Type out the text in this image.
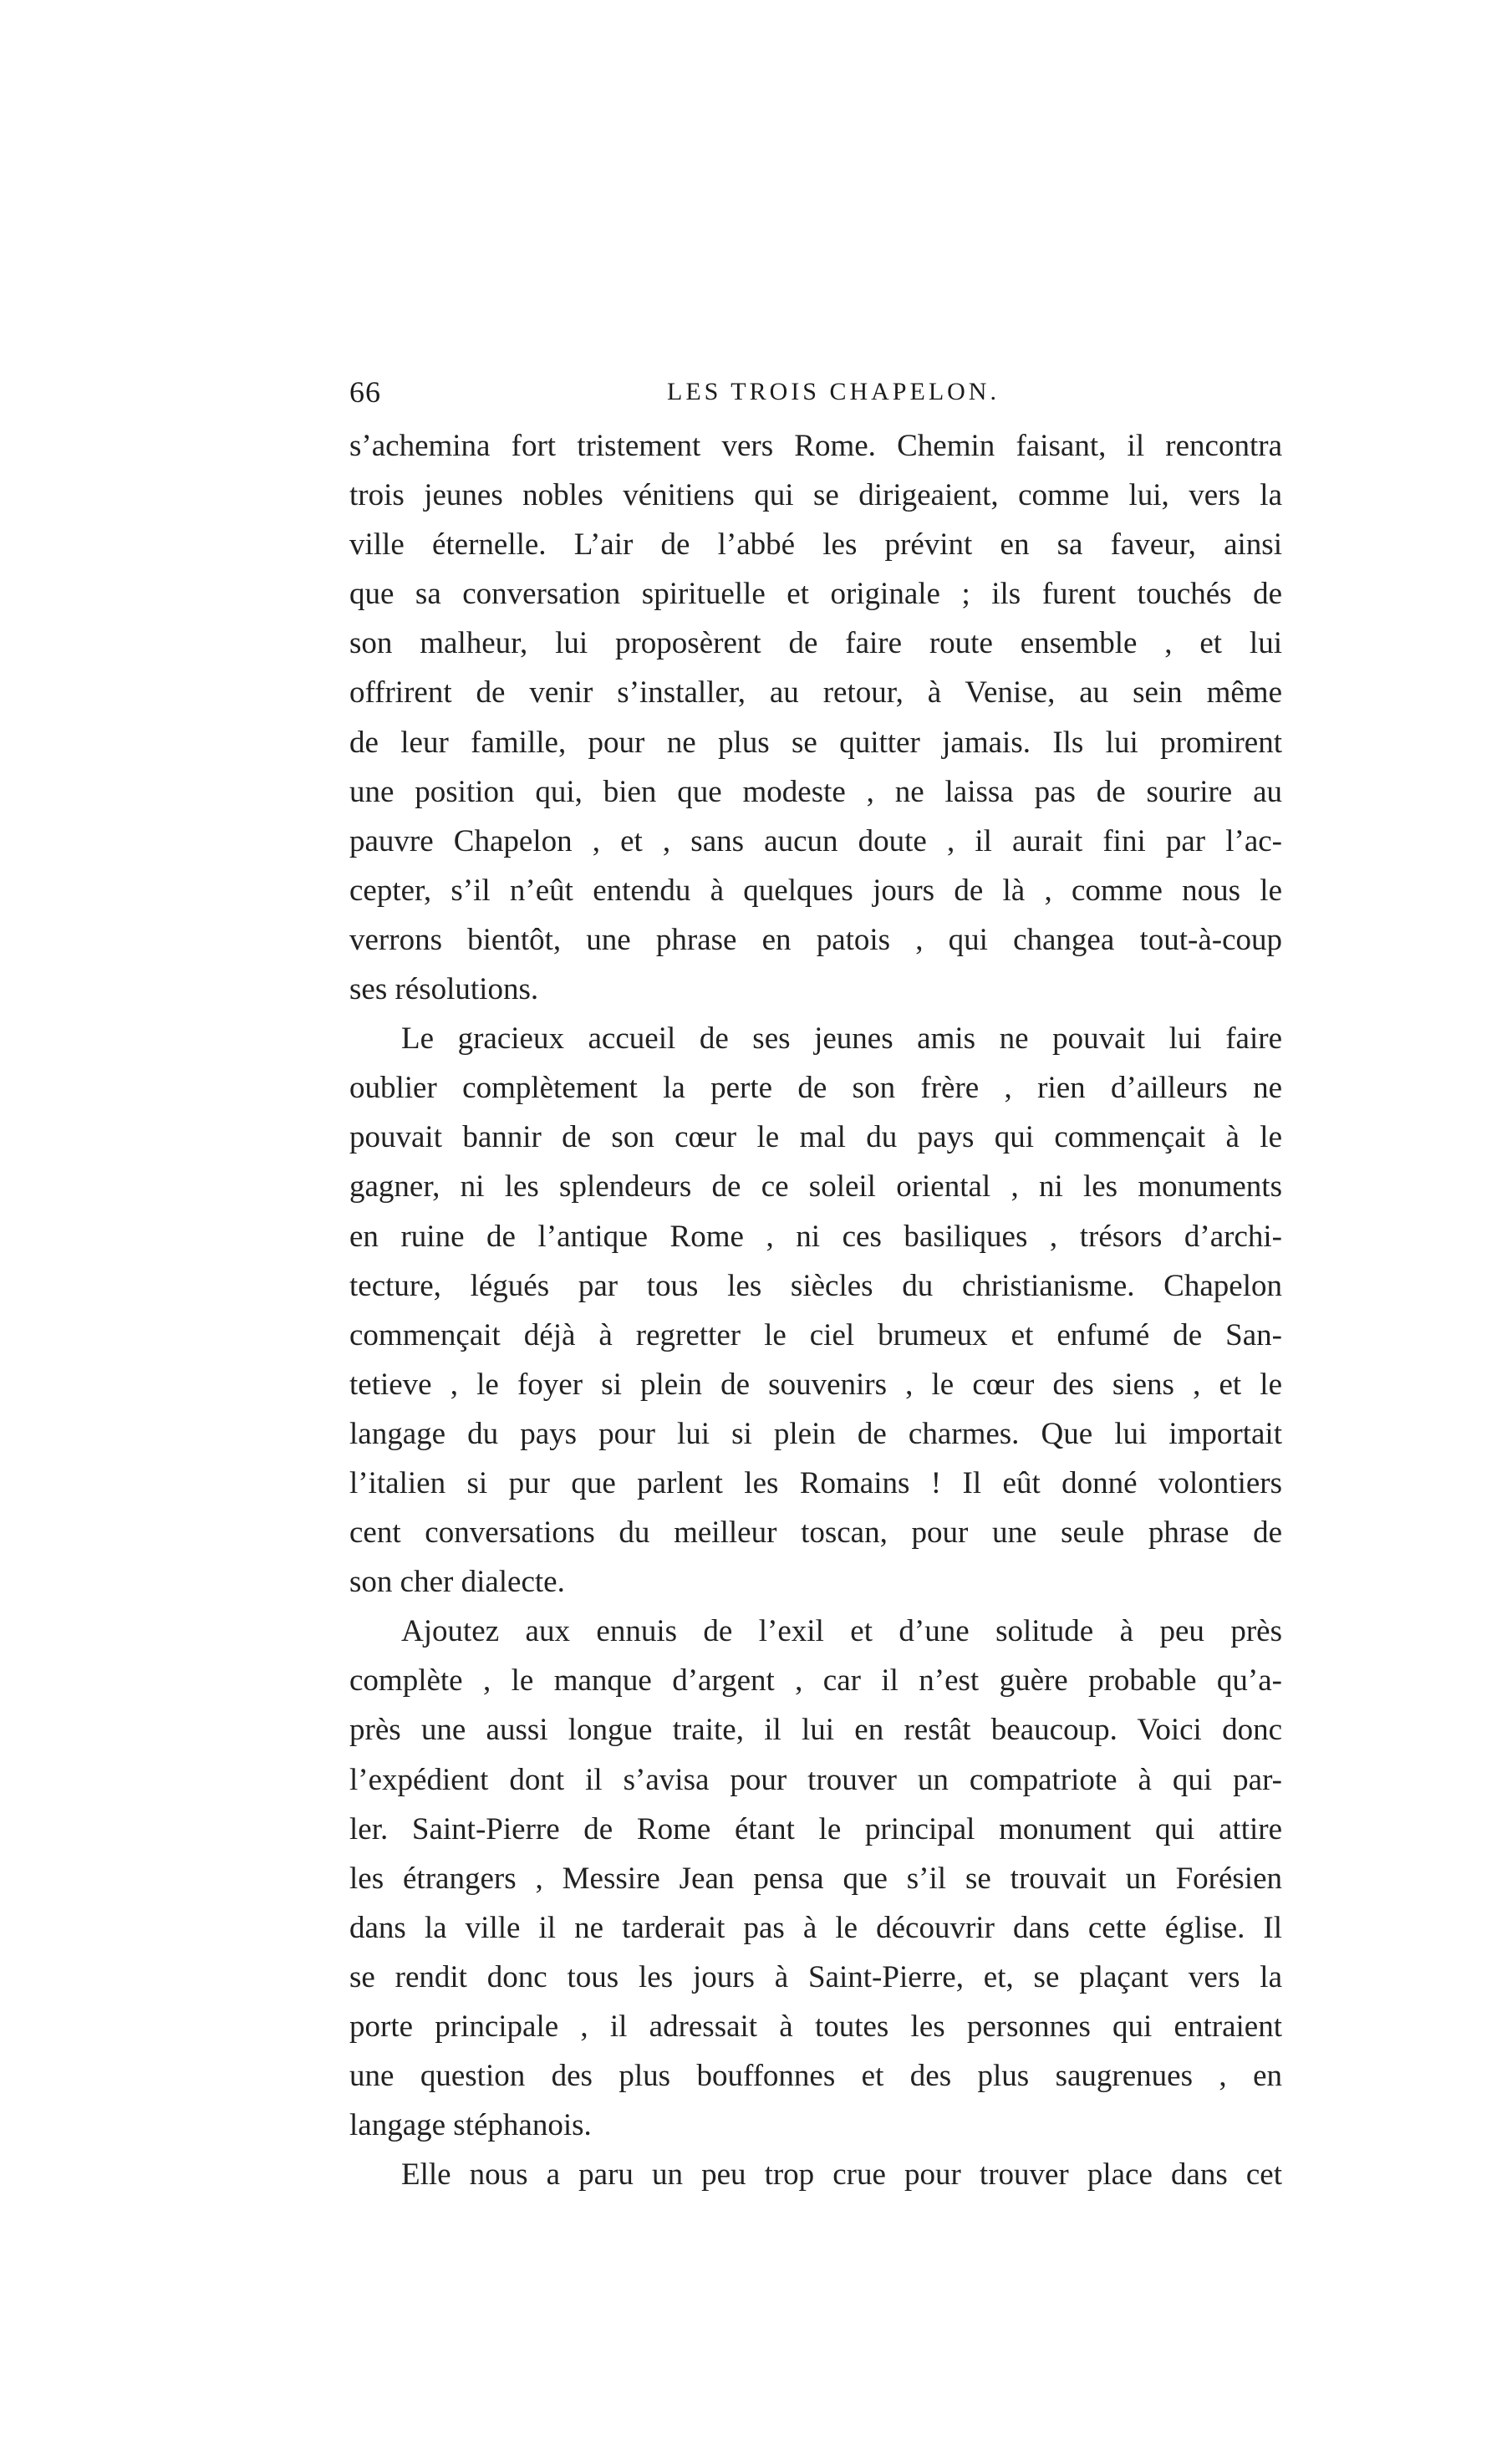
66	LES TROIS CHAPELON.
s’achemina fort tristement vers Rome. Chemin faisant, il rencontra
trois jeunes nobles vénitiens qui se dirigeaient, comme lui, vers la
ville éternelle. L’air de l’abbé les prévint en sa faveur, ainsi
que sa conversation spirituelle et originale ; ils furent touchés de
son malheur, lui proposèrent de faire route ensemble , et lui
offrirent de venir s’installer, au retour, à Venise, au sein même
de leur famille, pour ne plus se quitter jamais. Ils lui promirent
une position qui, bien que modeste , ne laissa pas de sourire au
pauvre Chapelon , et , sans aucun doute , il aurait fini par l’ac-
cepter, s’il n’eût entendu à quelques jours de là , comme nous le
verrons bientôt, une phrase en patois , qui changea tout-à-coup
ses résolutions.
Le gracieux accueil de ses jeunes amis ne pouvait lui faire
oublier complètement la perte de son frère , rien d’ailleurs ne
pouvait bannir de son cœur le mal du pays qui commençait à le
gagner, ni les splendeurs de ce soleil oriental , ni les monuments
en ruine de l’antique Rome , ni ces basiliques , trésors d’archi-
tecture, légués par tous les siècles du christianisme. Chapelon
commençait déjà à regretter le ciel brumeux et enfumé de San-
tetieve , le foyer si plein de souvenirs , le cœur des siens , et le
langage du pays pour lui si plein de charmes. Que lui importait
l’italien si pur que parlent les Romains ! Il eût donné volontiers
cent conversations du meilleur toscan, pour une seule phrase de
son cher dialecte.
Ajoutez aux ennuis de l’exil et d’une solitude à peu près
complète , le manque d’argent , car il n’est guère probable qu’a-
près une aussi longue traite, il lui en restât beaucoup. Voici donc
l’expédient dont il s’avisa pour trouver un compatriote à qui par-
ler. Saint-Pierre de Rome étant le principal monument qui attire
les étrangers , Messire Jean pensa que s’il se trouvait un Forésien
dans la ville il ne tarderait pas à le découvrir dans cette église. Il
se rendit donc tous les jours à Saint-Pierre, et, se plaçant vers la
porte principale , il adressait à toutes les personnes qui entraient
une question des plus bouffonnes et des plus saugrenues , en
langage stéphanois.
Elle nous a paru un peu trop crue pour trouver place dans cet
